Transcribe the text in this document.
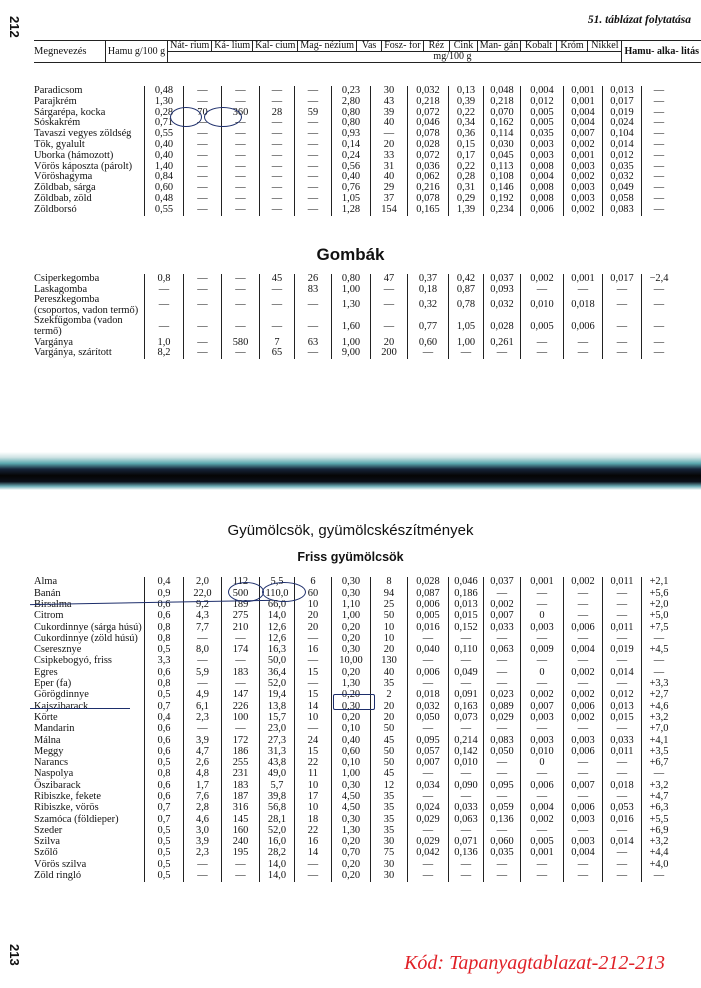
212	51. táblázat folytatása
Megnevezés	Hamu g/100 g	Nát- rium	Ká- lium	Kal- cium	Mag- nézium	Vas	Fosz- for	Réz	Cink	Man- gán	Kobalt	Króm	Nikkel	Hamu- alka- litás
mg/100 g
Paradicsom	0,48	—	—	—	—	0,23	30	0,032	0,13	0,048	0,004	0,001	0,013	—
Parajkrém	1,30	—	—	—	—	2,80	43	0,218	0,39	0,218	0,012	0,001	0,017	—
Sárgarépa, kocka	0,28	70	360	28	59	0,80	39	0,072	0,22	0,070	0,005	0,004	0,019	—
Sóskakrém	0,71	—	—	—	—	0,80	40	0,046	0,34	0,162	0,005	0,004	0,024	—
Tavaszi vegyes zöldség	0,55	—	—	—	—	0,93	—	0,078	0,36	0,114	0,035	0,007	0,104	—
Tök, gyalult	0,40	—	—	—	—	0,14	20	0,028	0,15	0,030	0,003	0,002	0,014	—
Uborka (hámozott)	0,40	—	—	—	—	0,24	33	0,072	0,17	0,045	0,003	0,001	0,012	—
Vörös káposzta (párolt)	1,40	—	—	—	—	0,56	31	0,036	0,22	0,113	0,008	0,003	0,035	—
Vöröshagyma	0,84	—	—	—	—	0,40	40	0,062	0,28	0,108	0,004	0,002	0,032	—
Zöldbab, sárga	0,60	—	—	—	—	0,76	29	0,216	0,31	0,146	0,008	0,003	0,049	—
Zöldbab, zöld	0,48	—	—	—	—	1,05	37	0,078	0,29	0,192	0,008	0,003	0,058	—
Zöldborsó	0,55	—	—	—	—	1,28	154	0,165	1,39	0,234	0,006	0,002	0,083	—
Gombák
Csiperkegomba	0,8	—	—	45	26	0,80	47	0,37	0,42	0,037	0,002	0,001	0,017	−2,4
Laskagomba	—	—	—	—	83	1,00	—	0,18	0,87	0,093	—	—	—	—
Pereszkegomba (csoportos, vadon termő)	—	—	—	—	—	1,30	—	0,32	0,78	0,032	0,010	0,018	—	—
Szekfűgomba (vadon termő)	—	—	—	—	—	1,60	—	0,77	1,05	0,028	0,005	0,006	—	—
Vargánya	1,0	—	580	7	63	1,00	20	0,60	1,00	0,261	—	—	—	—
Vargánya, szárított	8,2	—	—	65	—	9,00	200	—	—	—	—	—	—	—
Gyümölcsök, gyümölcskészítmények
Friss gyümölcsök
Alma	0,4	2,0	112	5,5	6	0,30	8	0,028	0,046	0,037	0,001	0,002	0,011	+2,1
Banán	0,9	22,0	500	110,0	60	0,30	94	0,087	0,186	—	—	—	—	+5,6
Birsalma	0,6	9,2	189	66,0	10	1,10	25	0,006	0,013	0,002	—	—	—	+2,0
Citrom	0,6	4,3	275	14,0	20	1,00	50	0,005	0,015	0,007	0	—	—	+5,0
Cukordinnye (sárga húsú)	0,8	7,7	210	12,6	20	0,20	10	0,016	0,152	0,033	0,003	0,006	0,011	+7,5
Cukordinnye (zöld húsú)	0,8	—	—	12,6	—	0,20	10	—	—	—	—	—	—	—
Cseresznye	0,5	8,0	174	16,3	16	0,30	20	0,040	0,110	0,063	0,009	0,004	0,019	+4,5
Csipkebogyó, friss	3,3	—	—	50,0	—	10,00	130	—	—	—	—	—	—	—
Egres	0,6	5,9	183	36,4	15	0,20	40	0,006	0,049	—	0	0,002	0,014	—
Eper (fa)	0,8	—	—	52,0	—	1,30	35	—	—	—	—	—	—	+3,3
Görögdinnye	0,5	4,9	147	19,4	15	0,20	2	0,018	0,091	0,023	0,002	0,002	0,012	+2,7
Kajszibarack	0,7	6,1	226	13,8	14	0,30	20	0,032	0,163	0,089	0,007	0,006	0,013	+4,6
Körte	0,4	2,3	100	15,7	10	0,20	20	0,050	0,073	0,029	0,003	0,002	0,015	+3,2
Mandarin	0,6	—	—	23,0	—	0,10	50	—	—	—	—	—	—	+7,0
Málna	0,6	3,9	172	27,3	24	0,40	45	0,095	0,214	0,083	0,003	0,003	0,033	+4,1
Meggy	0,6	4,7	186	31,3	15	0,60	50	0,057	0,142	0,050	0,010	0,006	0,011	+3,5
Narancs	0,5	2,6	255	43,8	22	0,10	50	0,007	0,010	—	0	—	—	+6,7
Naspolya	0,8	4,8	231	49,0	11	1,00	45	—	—	—	—	—	—	—
Őszibarack	0,6	1,7	183	5,7	10	0,30	12	0,034	0,090	0,095	0,006	0,007	0,018	+3,2
Ribiszke, fekete	0,6	7,6	187	39,8	17	4,50	35	—	—	—	—	—	—	+4,7
Ribiszke, vörös	0,7	2,8	316	56,8	10	4,50	35	0,024	0,033	0,059	0,004	0,006	0,053	+6,3
Szamóca (földieper)	0,7	4,6	145	28,1	18	0,30	35	0,029	0,063	0,136	0,002	0,003	0,016	+5,5
Szeder	0,5	3,0	160	52,0	22	1,30	35	—	—	—	—	—	—	+6,9
Szilva	0,5	3,9	240	16,0	16	0,20	30	0,029	0,071	0,060	0,005	0,003	0,014	+3,2
Szőlő	0,5	2,3	195	28,2	14	0,70	75	0,042	0,136	0,035	0,001	0,004	—	+4,4
Vörös szilva	0,5	—	—	14,0	—	0,20	30	—	—	—	—	—	—	+4,0
Zöld ringló	0,5	—	—	14,0	—	0,20	30	—	—	—	—	—	—	—
213	Kód: Tapanyagtablazat-212-213
